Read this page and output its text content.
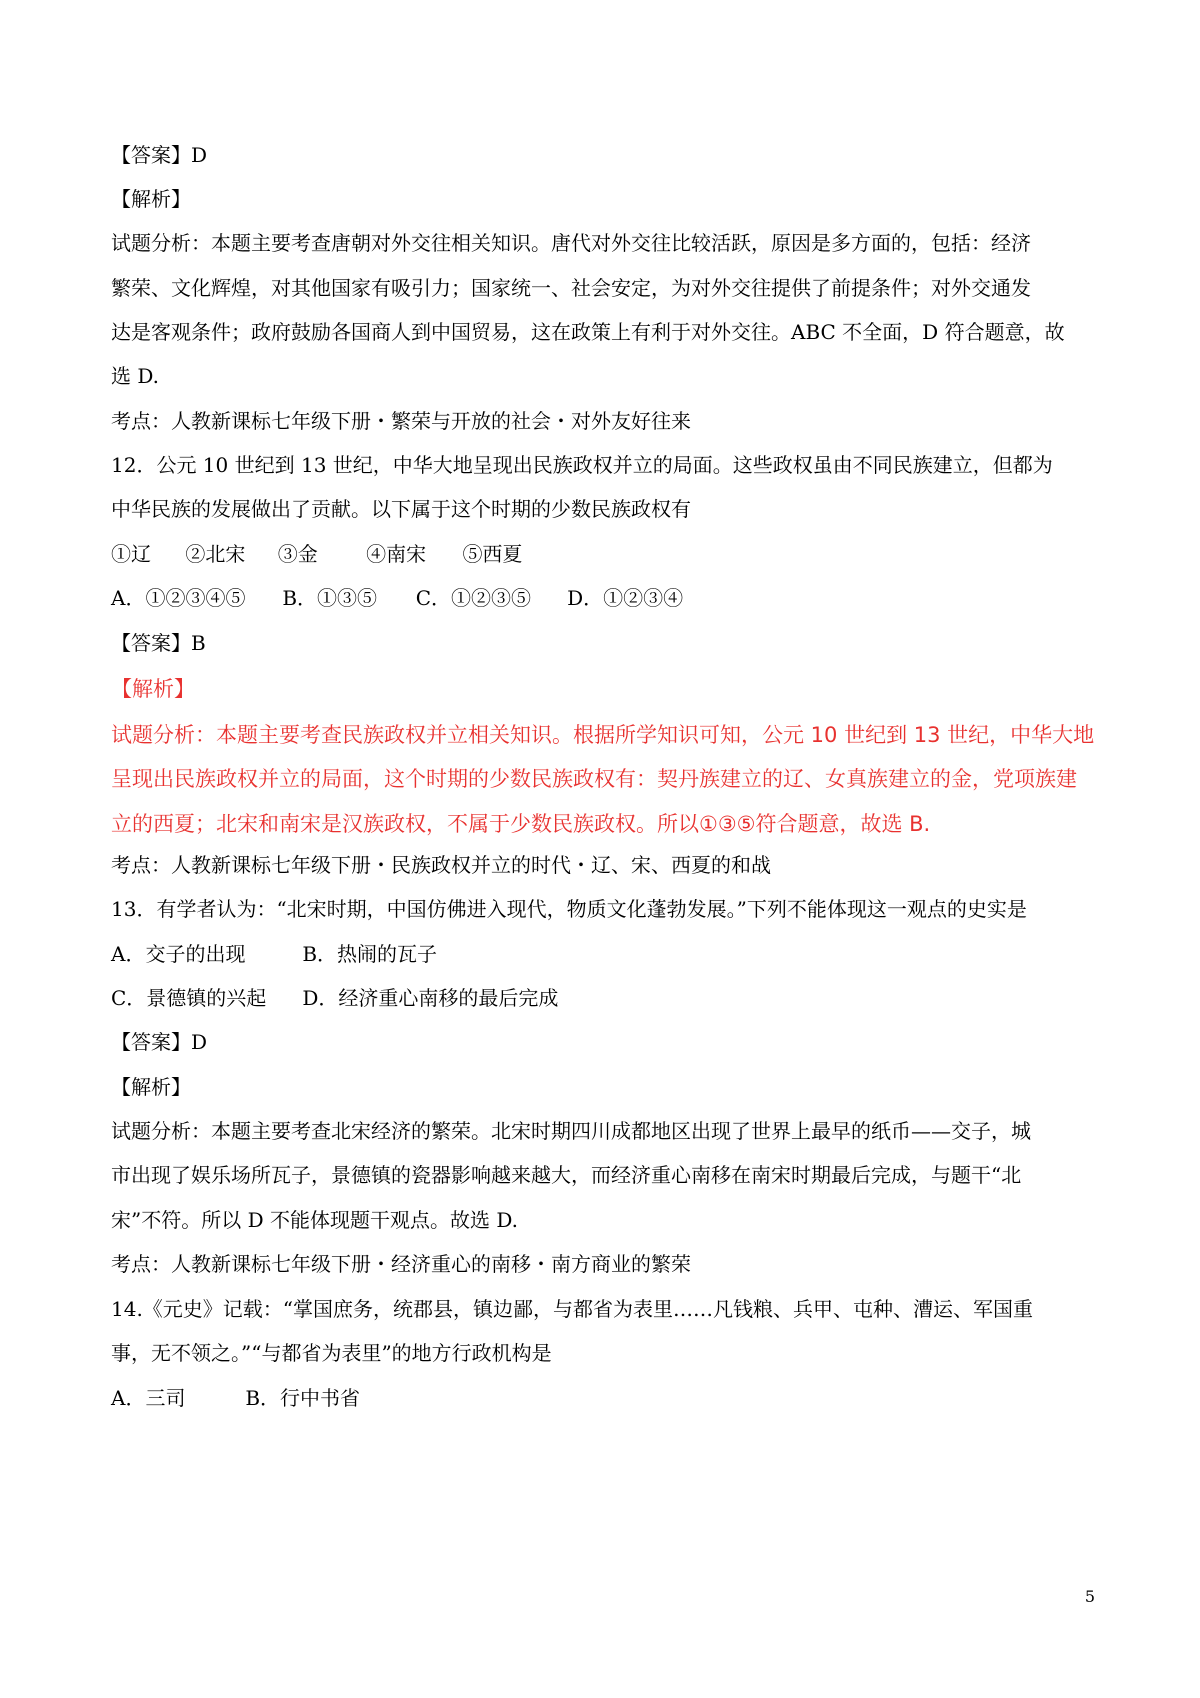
【答案】D
【解析】
试题分析：本题主要考查唐朝对外交往相关知识。唐代对外交往比较活跃，原因是多方面的，包括：经济
繁荣、文化辉煌，对其他国家有吸引力；国家统一、社会安定，为对外交往提供了前提条件；对外交通发
达是客观条件；政府鼓励各国商人到中国贸易，这在政策上有利于对外交往。ABC 不全面，D 符合题意，故
选 D.
考点：人教新课标七年级下册・繁荣与开放的社会・对外友好往来
12．公元 10 世纪到 13 世纪，中华大地呈现出民族政权并立的局面。这些政权虽由不同民族建立，但都为
中华民族的发展做出了贡献。以下属于这个时期的少数民族政权有
①辽 ②北宋 ③金 ④南宋 ⑤西夏
A．①②③④⑤ B．①③⑤ C．①②③⑤ D．①②③④
【答案】B
【解析】
试题分析：本题主要考查民族政权并立相关知识。根据所学知识可知，公元 10 世纪到 13 世纪，中华大地
呈现出民族政权并立的局面，这个时期的少数民族政权有：契丹族建立的辽、女真族建立的金，党项族建
立的西夏；北宋和南宋是汉族政权，不属于少数民族政权。所以①③⑤符合题意，故选 B.
考点：人教新课标七年级下册・民族政权并立的时代・辽、宋、西夏的和战
13．有学者认为：“北宋时期，中国仿佛进入现代，物质文化蓬勃发展。”下列不能体现这一观点的史实是
A．交子的出现	B．热闹的瓦子
C．景德镇的兴起 D．经济重心南移的最后完成
【答案】D
【解析】
试题分析：本题主要考查北宋经济的繁荣。北宋时期四川成都地区出现了世界上最早的纸币——交子，城
市出现了娱乐场所瓦子，景德镇的瓷器影响越来越大，而经济重心南移在南宋时期最后完成，与题干“北
宋”不符。所以 D 不能体现题干观点。故选 D.
考点：人教新课标七年级下册・经济重心的南移・南方商业的繁荣
14.《元史》记载：“掌国庶务，统郡县，镇边鄙，与都省为表里……凡钱粮、兵甲、屯种、漕运、军国重
事，无不领之。”“与都省为表里”的地方行政机构是
A．三司	B．行中书省
5
